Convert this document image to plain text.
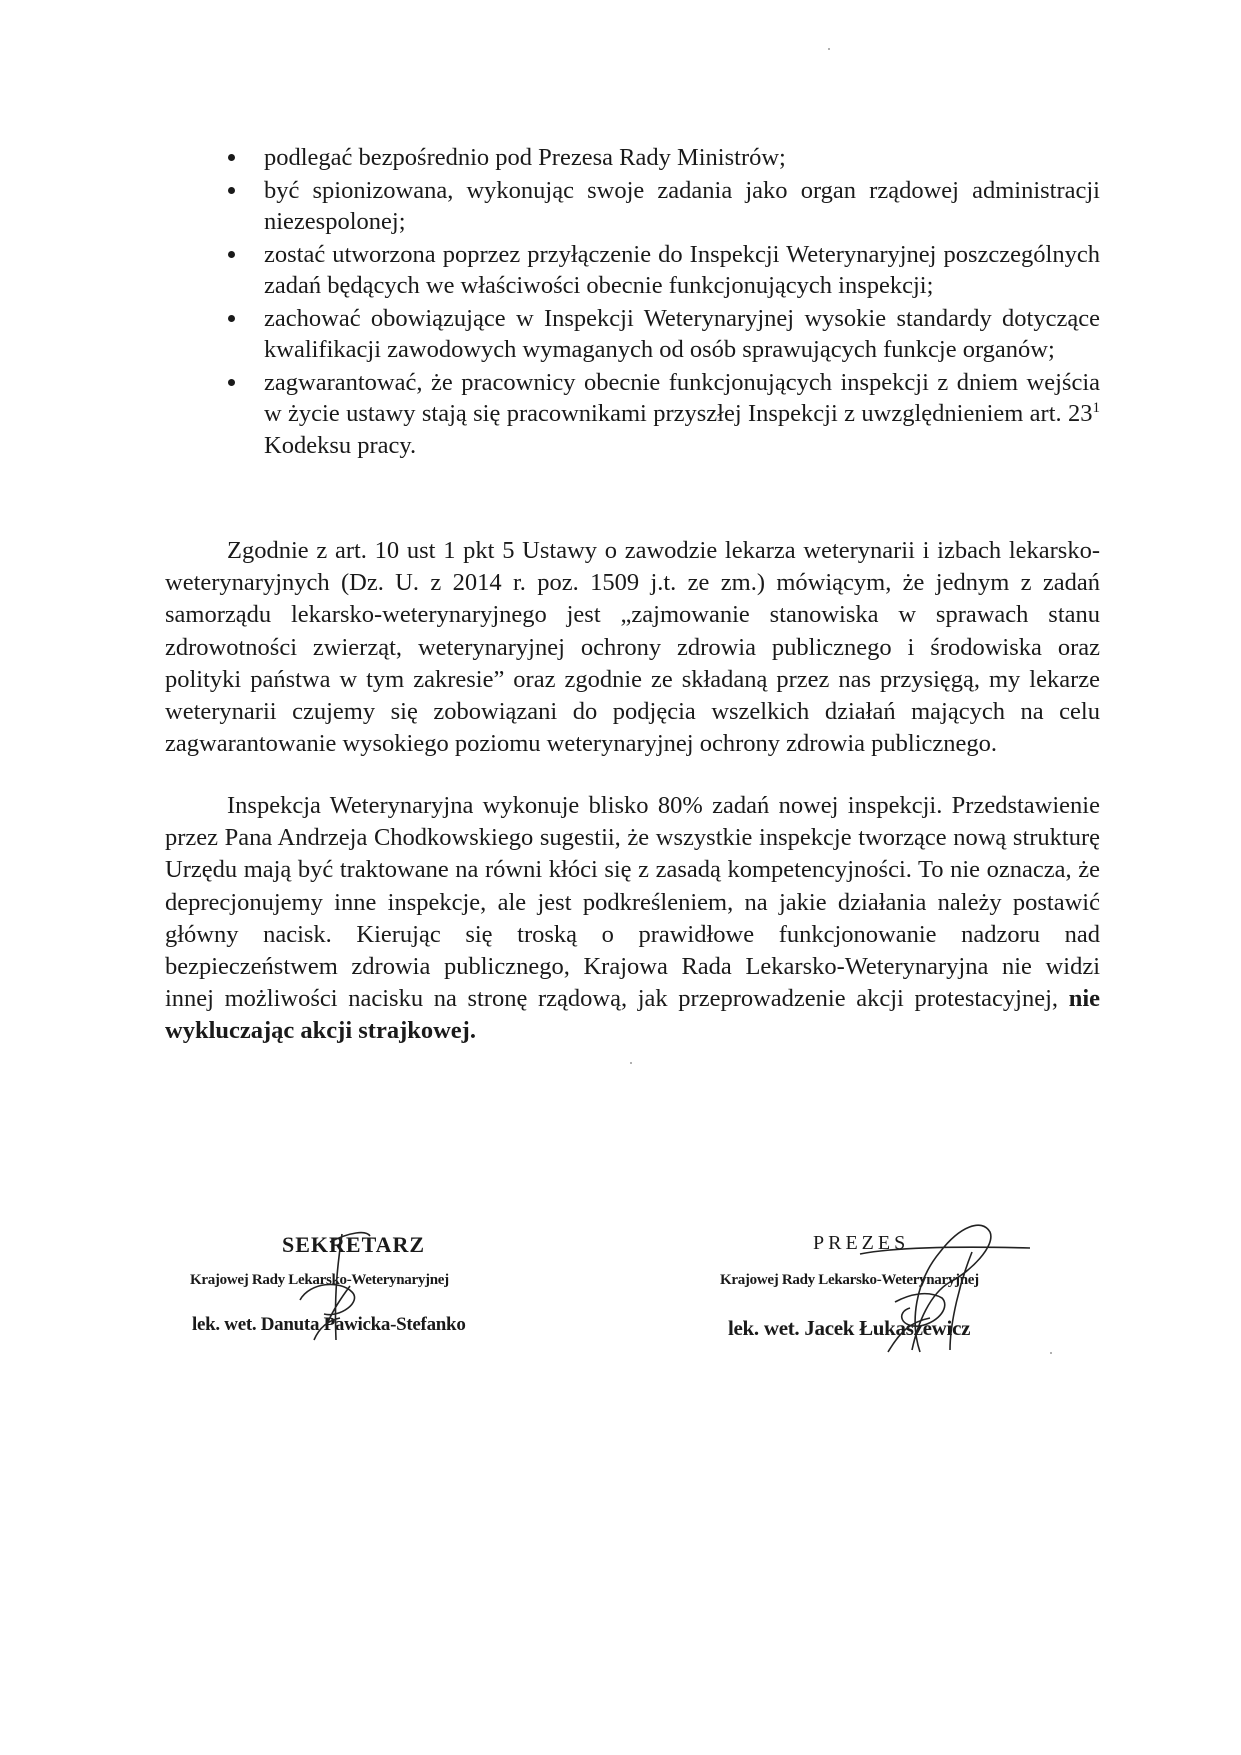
podlegać bezpośrednio pod Prezesa Rady Ministrów;
być spionizowana, wykonując swoje zadania jako organ rządowej administracji niezespolonej;
zostać utworzona poprzez przyłączenie do Inspekcji Weterynaryjnej poszczególnych zadań będących we właściwości obecnie funkcjonujących inspekcji;
zachować obowiązujące w Inspekcji Weterynaryjnej wysokie standardy dotyczące kwalifikacji zawodowych wymaganych od osób sprawujących funkcje organów;
zagwarantować, że pracownicy obecnie funkcjonujących inspekcji z dniem wejścia w życie ustawy stają się pracownikami przyszłej Inspekcji z uwzględnieniem art. $23^1$ Kodeksu pracy.

Zgodnie z art. 10 ust 1 pkt 5 Ustawy o zawodzie lekarza weterynarii i izbach lekarsko-weterynaryjnych (Dz. U. z 2014 r. poz. 1509 j.t. ze zm.) mówiącym, że jednym z zadań samorządu lekarsko-weterynaryjnego jest „zajmowanie stanowiska w sprawach stanu zdrowotności zwierząt, weterynaryjnej ochrony zdrowia publicznego i środowiska oraz polityki państwa w tym zakresie” oraz zgodnie ze składaną przez nas przysięgą, my lekarze weterynarii czujemy się zobowiązani do podjęcia wszelkich działań mających na celu zagwarantowanie wysokiego poziomu weterynaryjnej ochrony zdrowia publicznego.

Inspekcja Weterynaryjna wykonuje blisko 80% zadań nowej inspekcji. Przedstawienie przez Pana Andrzeja Chodkowskiego sugestii, że wszystkie inspekcje tworzące nową strukturę Urzędu mają być traktowane na równi kłóci się z zasadą kompetencyjności. To nie oznacza, że deprecjonujemy inne inspekcje, ale jest podkreśleniem, na jakie działania należy postawić główny nacisk. Kierując się troską o prawidłowe funkcjonowanie nadzoru nad bezpieczeństwem zdrowia publicznego, Krajowa Rada Lekarsko-Weterynaryjna nie widzi innej możliwości nacisku na stronę rządową, jak przeprowadzenie akcji protestacyjnej, nie wykluczając akcji strajkowej.

SEKRETARZ
Krajowej Rady Lekarsko-Weterynaryjnej
lek. wet. Danuta Pawicka-Stefanko
PREZES
Krajowej Rady Lekarsko-Weterynaryjnej
lek. wet. Jacek Łukaszewicz
